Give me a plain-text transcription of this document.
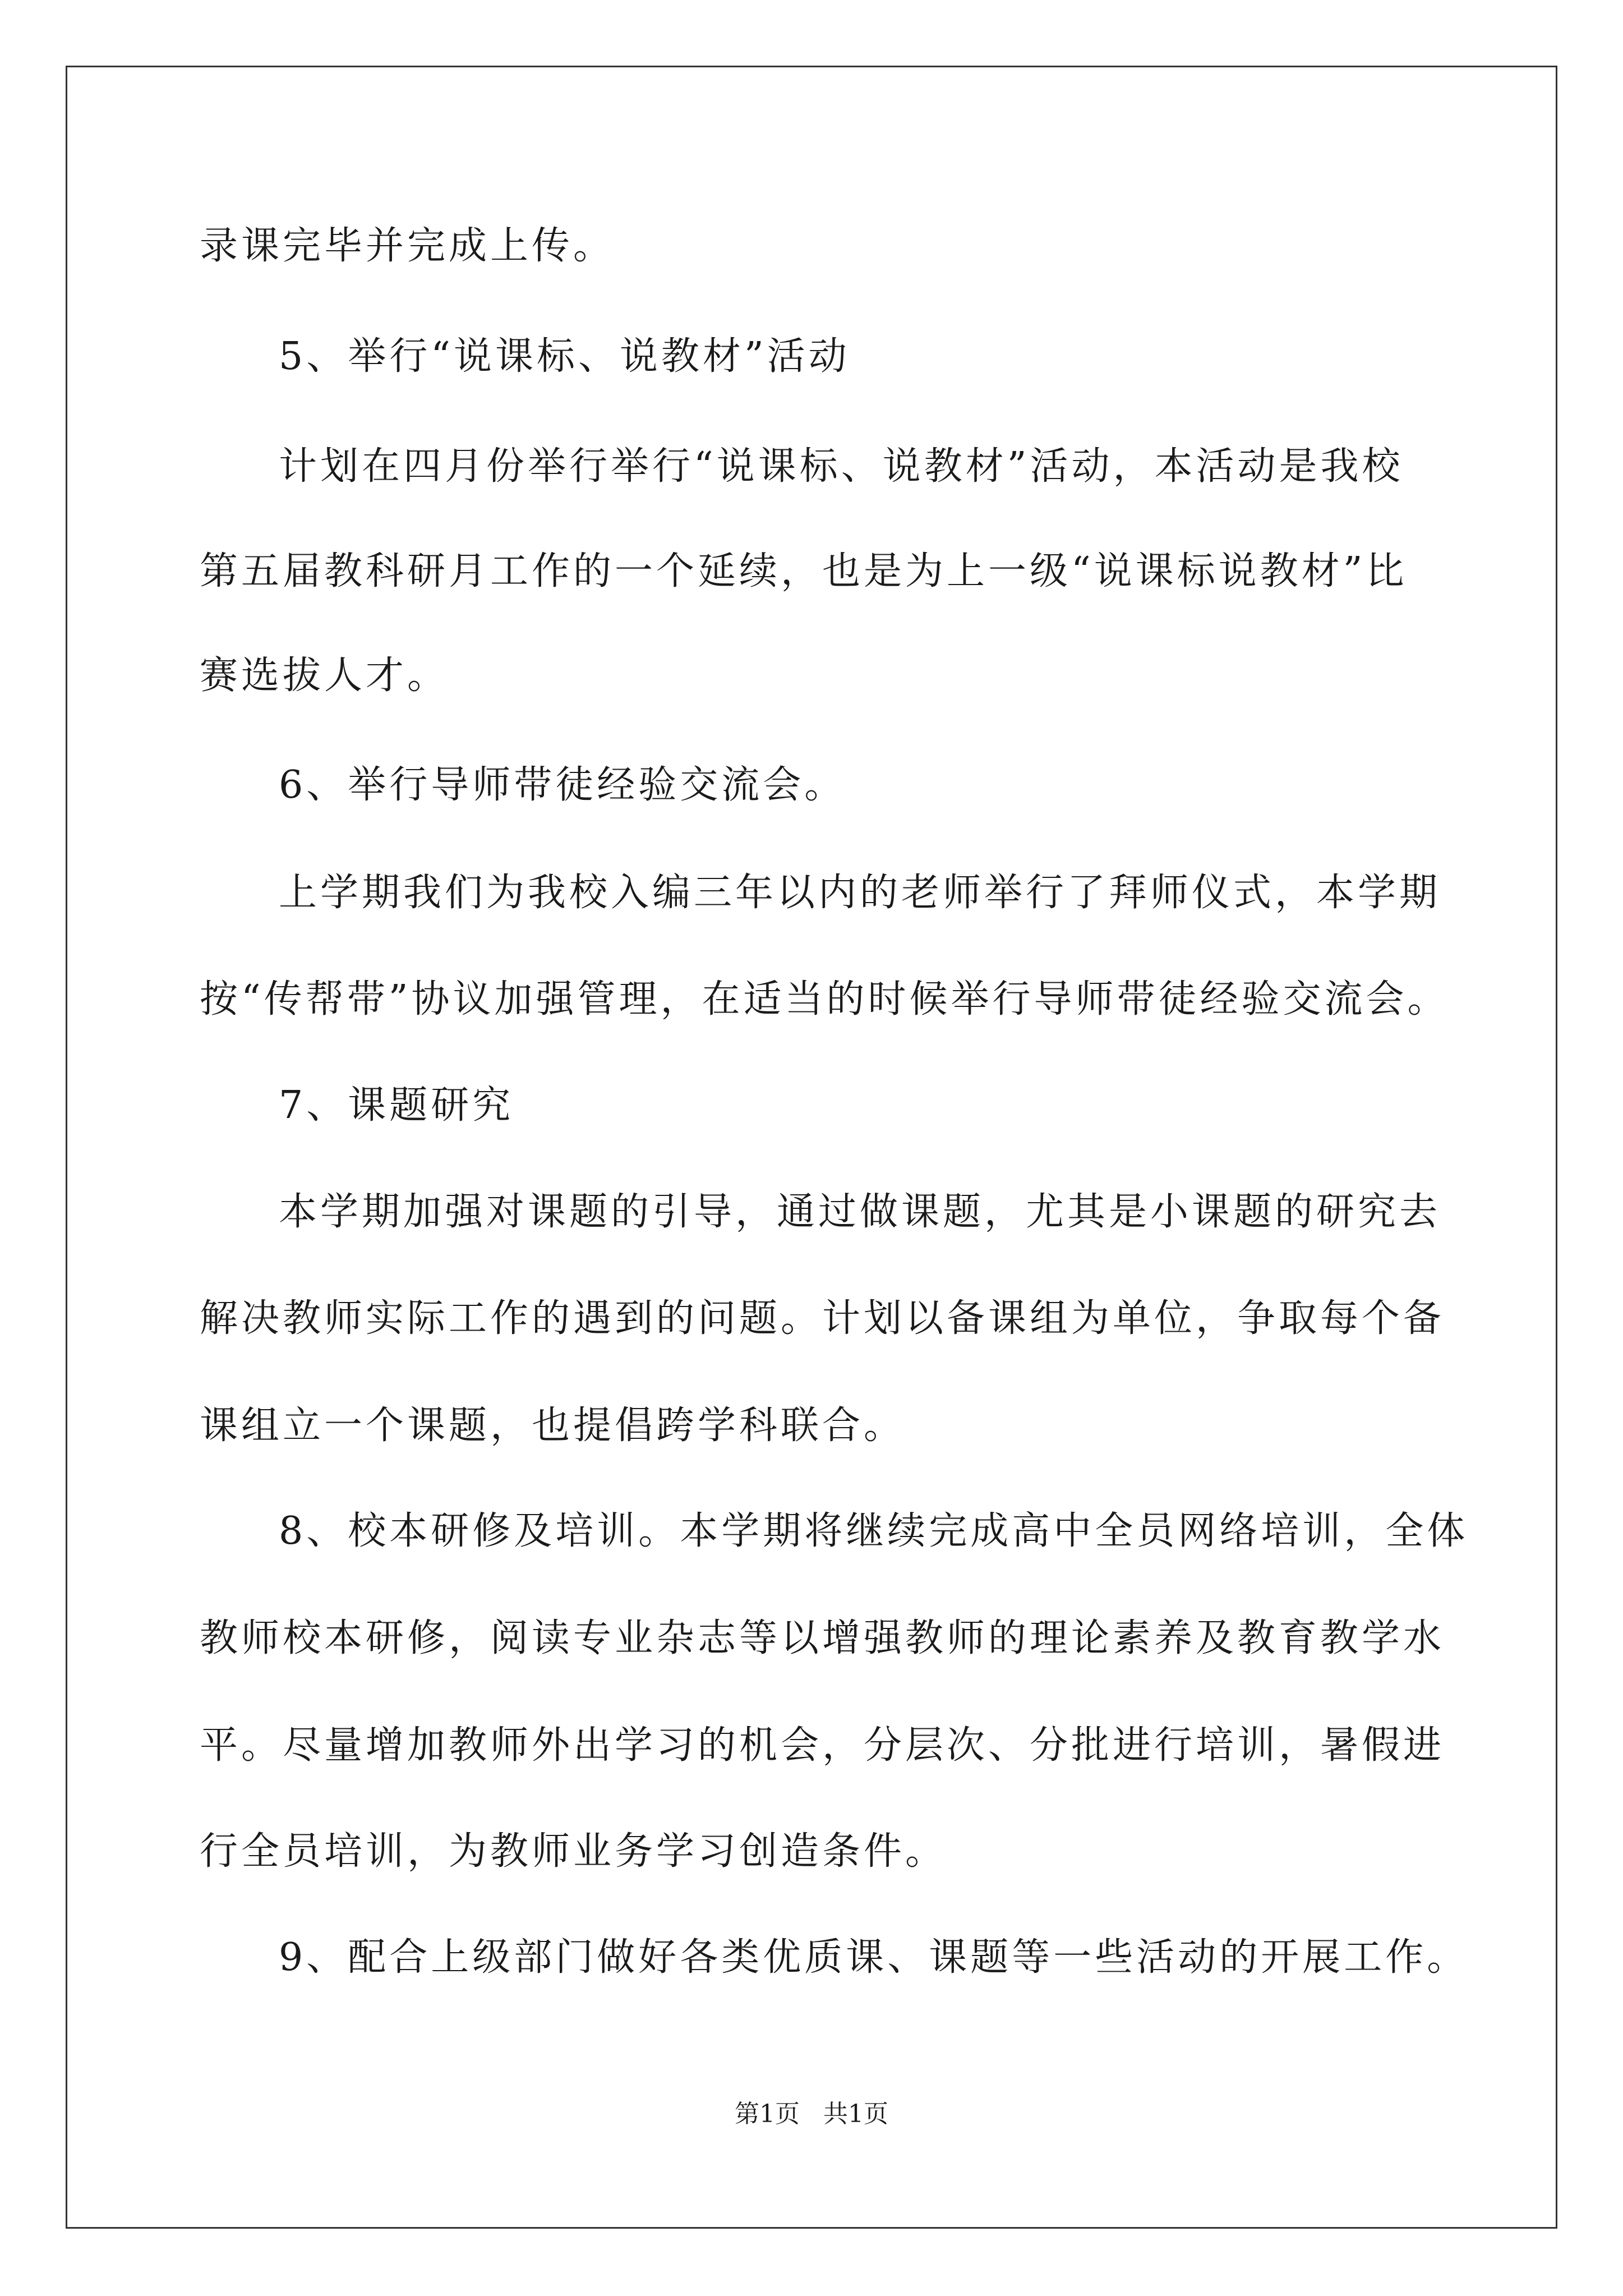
录课完毕并完成上传。
5、举行“说课标、说教材”活动
计划在四月份举行举行“说课标、说教材”活动，本活动是我校
第五届教科研月工作的一个延续，也是为上一级“说课标说教材”比
赛选拔人才。
6、举行导师带徒经验交流会。
上学期我们为我校入编三年以内的老师举行了拜师仪式，本学期
按“传帮带”协议加强管理，在适当的时候举行导师带徒经验交流会。
7、课题研究
本学期加强对课题的引导，通过做课题，尤其是小课题的研究去
解决教师实际工作的遇到的问题。计划以备课组为单位，争取每个备
课组立一个课题，也提倡跨学科联合。
8、校本研修及培训。本学期将继续完成高中全员网络培训，全体
教师校本研修，阅读专业杂志等以增强教师的理论素养及教育教学水
平。尽量增加教师外出学习的机会，分层次、分批进行培训，暑假进
行全员培训，为教师业务学习创造条件。
9、配合上级部门做好各类优质课、课题等一些活动的开展工作。
第1页   共1页
